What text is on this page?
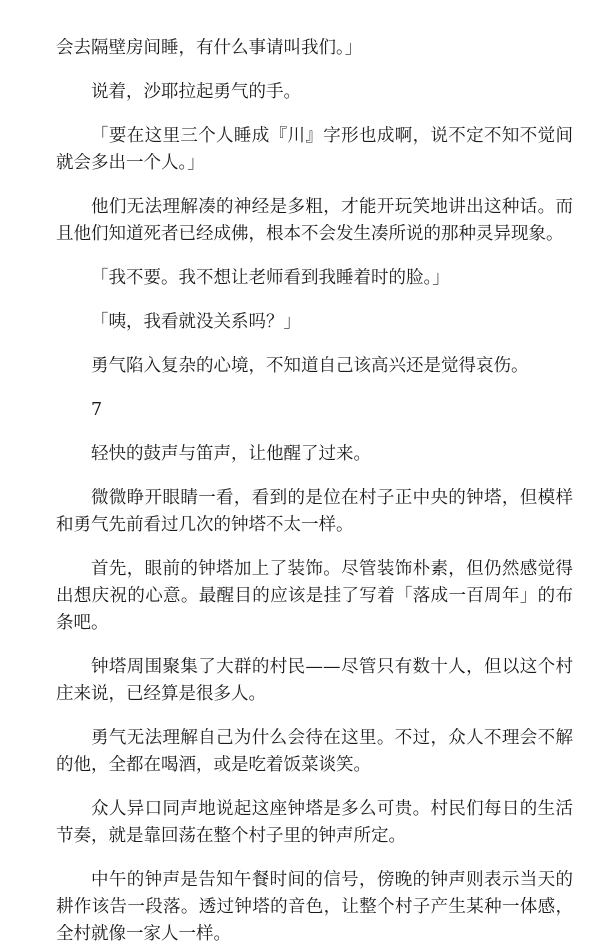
会去隔壁房间睡，有什么事请叫我们。」

说着，沙耶拉起勇气的手。

「要在这里三个人睡成『川』字形也成啊，说不定不知不觉间就会多出一个人。」

他们无法理解凑的神经是多粗，才能开玩笑地讲出这种话。而且他们知道死者已经成佛，根本不会发生凑所说的那种灵异现象。

「我不要。我不想让老师看到我睡着时的脸。」

「咦，我看就没关系吗？」

勇气陷入复杂的心境，不知道自己该高兴还是觉得哀伤。

7

轻快的鼓声与笛声，让他醒了过来。

微微睁开眼睛一看，看到的是位在村子正中央的钟塔，但模样和勇气先前看过几次的钟塔不太一样。

首先，眼前的钟塔加上了装饰。尽管装饰朴素，但仍然感觉得出想庆祝的心意。最醒目的应该是挂了写着「落成一百周年」的布条吧。

钟塔周围聚集了大群的村民——尽管只有数十人，但以这个村庄来说，已经算是很多人。

勇气无法理解自己为什么会待在这里。不过，众人不理会不解的他，全都在喝酒，或是吃着饭菜谈笑。

众人异口同声地说起这座钟塔是多么可贵。村民们每日的生活节奏，就是靠回荡在整个村子里的钟声所定。

中午的钟声是告知午餐时间的信号，傍晚的钟声则表示当天的耕作该告一段落。透过钟塔的音色，让整个村子产生某种一体感，全村就像一家人一样。
